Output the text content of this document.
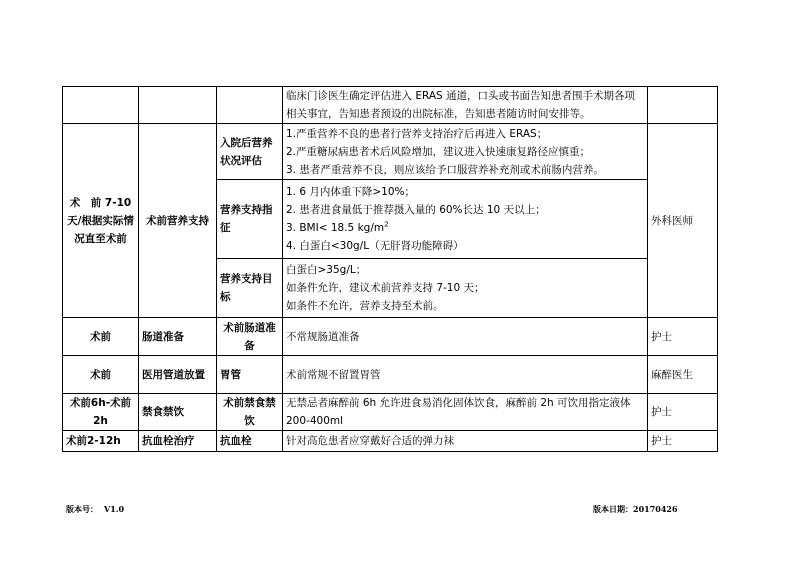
			临床门诊医生确定评估进入 ERAS 通道，口头或书面告知患者围手术期各项相关事宜，告知患者预设的出院标准，告知患者随访时间安排等。	
术　前 7-10天/根据实际情况直至术前	术前营养支持	入院后营养状况评估	1.严重营养不良的患者行营养支持治疗后再进入 ERAS；
2.严重糖尿病患者术后风险增加，建议进入快速康复路径应慎重；
3. 患者严重营养不良，则应该给予口服营养补充剂或术前肠内营养。	外科医师
		营养支持指征	1. 6 月内体重下降>10%；
2. 患者进食量低于推荐摄入量的 60%长达 10 天以上；
3. BMI< 18.5 $kg/m^2$
4. 白蛋白<30g/L（无肝肾功能障碍）	

		营养支持目标	白蛋白>35g/L；
如条件允许，建议术前营养支持 7-10 天；
如条件不允许，营养支持至术前。	

术前	肠道准备	术前肠道准备	不常规肠道准备	护士
术前	医用管道放置	胃管	术前常规不留置胃管	麻醉医生
术前6h-术前2h	禁食禁饮	术前禁食禁饮	无禁忌者麻醉前 6h 允许进食易消化固体饮食，麻醉前 2h 可饮用指定液体 200-400ml	护士
术前2-12h	抗血栓治疗	抗血栓	针对高危患者应穿戴好合适的弹力袜	护士
版本号： V1.0	版本日期：20170426
